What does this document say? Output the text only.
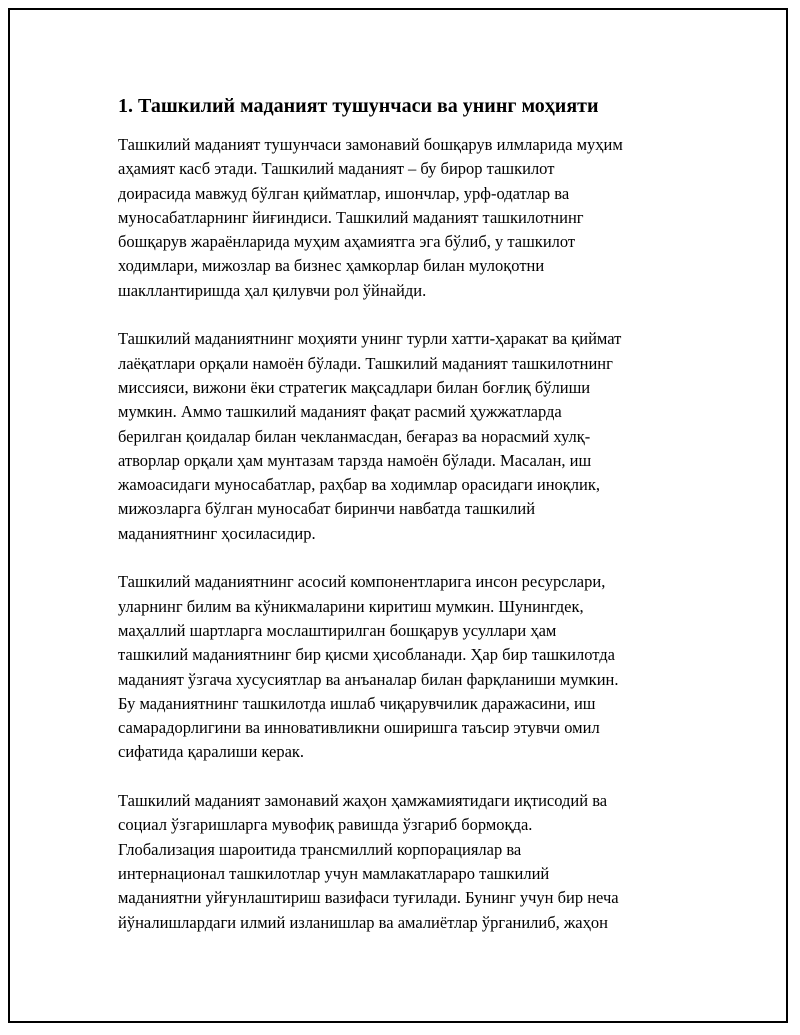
1. Ташкилий маданият тушунчаси ва унинг моҳияти

Ташкилий маданият тушунчаси замонавий бошқарув илмларида муҳим
аҳамият касб этади. Ташкилий маданият – бу бирор ташкилот
доирасида мавжуд бўлган қийматлар, ишончлар, урф-одатлар ва
муносабатларнинг йиғиндиси. Ташкилий маданият ташкилотнинг
бошқарув жараёнларида муҳим аҳамиятга эга бўлиб, у ташкилот
ходимлари, мижозлар ва бизнес ҳамкорлар билан мулоқотни
шакллантиришда ҳал қилувчи рол ўйнайди.

Ташкилий маданиятнинг моҳияти унинг турли хатти-ҳаракат ва қиймат
лаёқатлари орқали намоён бўлади. Ташкилий маданият ташкилотнинг
миссияси, вижони ёки стратегик мақсадлари билан боғлиқ бўлиши
мумкин. Аммо ташкилий маданият фақат расмий ҳужжатларда
берилган қоидалар билан чекланмасдан, беғараз ва норасмий хулқ-
атворлар орқали ҳам мунтазам тарзда намоён бўлади. Масалан, иш
жамоасидаги муносабатлар, раҳбар ва ходимлар орасидаги иноқлик,
мижозларга бўлган муносабат биринчи навбатда ташкилий
маданиятнинг ҳосиласидир.

Ташкилий маданиятнинг асосий компонентларига инсон ресурслари,
уларнинг билим ва кўникмаларини киритиш мумкин. Шунингдек,
маҳаллий шартларга мослаштирилган бошқарув усуллари ҳам
ташкилий маданиятнинг бир қисми ҳисобланади. Ҳар бир ташкилотда
маданият ўзгача хусусиятлар ва анъаналар билан фарқланиши мумкин.
Бу маданиятнинг ташкилотда ишлаб чиқарувчилик даражасини, иш
самарадорлигини ва инновативликни оширишга таъсир этувчи омил
сифатида қаралиши керак.

Ташкилий маданият замонавий жаҳон ҳамжамиятидаги иқтисодий ва
социал ўзгаришларга мувофиқ равишда ўзгариб бормоқда.
Глобализация шароитида трансмиллий корпорациялар ва
интернационал ташкилотлар учун мамлакатлараро ташкилий
маданиятни уйғунлаштириш вазифаси туғилади. Бунинг учун бир неча
йўналишлардаги илмий изланишлар ва амалиётлар ўрганилиб, жаҳон
